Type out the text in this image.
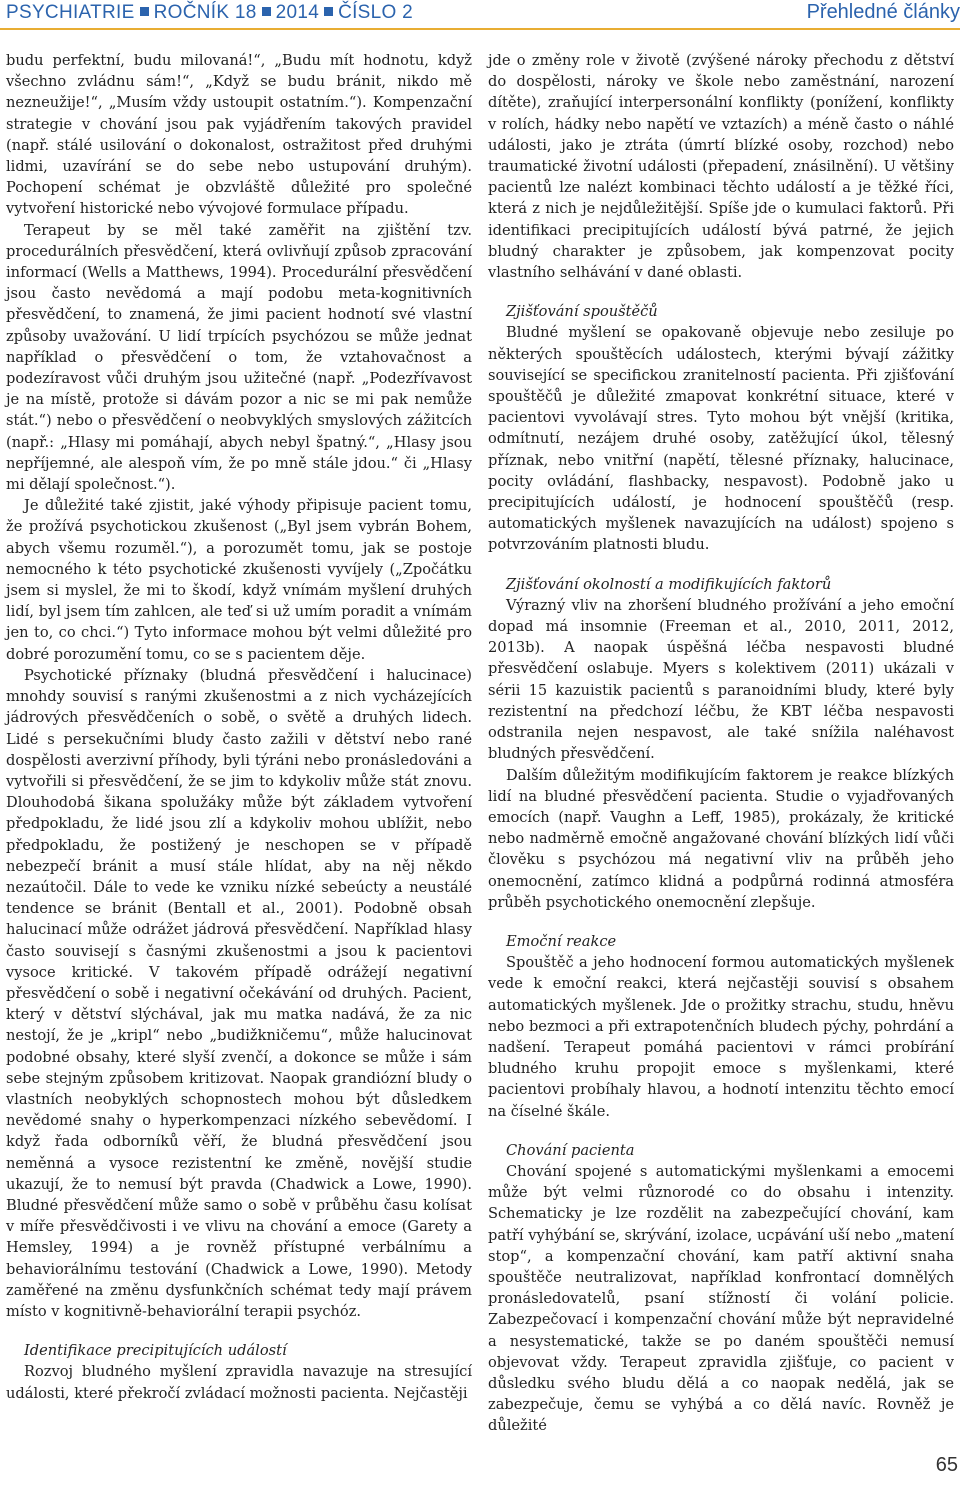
PSYCHIATRIE ROČNÍK 18 2014 ČÍSLO 2	Přehledné články

budu perfektní, budu milovaná!“, „Budu mít hodnotu, když všechno zvládnu sám!“, „Když se budu bránit, nikdo mě nezneužije!“, „Musím vždy ustoupit ostatním.“). Kompenzační strategie v chování jsou pak vyjádřením takových pravidel (např. stálé usilování o dokonalost, ostražitost před druhými lidmi, uzavírání se do sebe nebo ustupování druhým). Pochopení schémat je obzvláště důležité pro společné vytvoření historické nebo vývojové formulace případu.

Terapeut by se měl také zaměřit na zjištění tzv. procedurálních přesvědčení, která ovlivňují způsob zpracování informací (Wells a Matthews, 1994). Procedurální přesvědčení jsou často nevědomá a mají podobu meta-kognitivních přesvědčení, to znamená, že jimi pacient hodnotí své vlastní způsoby uvažování. U lidí trpících psychózou se může jednat například o přesvědčení o tom, že vztahovačnost a podezíravost vůči druhým jsou užitečné (např. „Podezřívavost je na místě, protože si dávám pozor a nic se mi pak nemůže stát.“) nebo o přesvědčení o neobvyklých smyslových zážitcích (např.: „Hlasy mi pomáhají, abych nebyl špatný.“, „Hlasy jsou nepříjemné, ale alespoň vím, že po mně stále jdou.“ či „Hlasy mi dělají společnost.“).

Je důležité také zjistit, jaké výhody připisuje pacient tomu, že prožívá psychotickou zkušenost („Byl jsem vybrán Bohem, abych všemu rozuměl.“), a porozumět tomu, jak se postoje nemocného k této psychotické zkušenosti vyvíjely („Zpočátku jsem si myslel, že mi to škodí, když vnímám myšlení druhých lidí, byl jsem tím zahlcen, ale teď si už umím poradit a vnímám jen to, co chci.“) Tyto informace mohou být velmi důležité pro dobré porozumění tomu, co se s pacientem děje.

Psychotické příznaky (bludná přesvědčení i halucinace) mnohdy souvisí s ranými zkušenostmi a z nich vycházejících jádrových přesvědčeních o sobě, o světě a druhých lidech. Lidé s persekučními bludy často zažili v dětství nebo rané dospělosti averzivní příhody, byli týráni nebo pronásledováni a vytvořili si přesvědčení, že se jim to kdykoliv může stát znovu. Dlouhodobá šikana spolužáky může být základem vytvoření předpokladu, že lidé jsou zlí a kdykoliv mohou ublížit, nebo předpokladu, že postižený je neschopen se v případě nebezpečí bránit a musí stále hlídat, aby na něj někdo nezaútočil. Dále to vede ke vzniku nízké sebeúcty a neustálé tendence se bránit (Bentall et al., 2001). Podobně obsah halucinací může odrážet jádrová přesvědčení. Například hlasy často souvisejí s časnými zkušenostmi a jsou k pacientovi vysoce kritické. V takovém případě odrážejí negativní přesvědčení o sobě i negativní očekávání od druhých. Pacient, který v dětství slýchával, jak mu matka nadává, že za nic nestojí, že je „kripl“ nebo „budižkničemu“, může halucinovat podobné obsahy, které slyší zvenčí, a dokonce se může i sám sebe stejným způsobem kritizovat. Naopak grandiózní bludy o vlastních neobyklých schopnostech mohou být důsledkem nevědomé snahy o hyperkompenzaci nízkého sebevědomí. I když řada odborníků věří, že bludná přesvědčení jsou neměnná a vysoce rezistentní ke změně, novější studie ukazují, že to nemusí být pravda (Chadwick a Lowe, 1990). Bludné přesvědčení může samo o sobě v průběhu času kolísat v míře přesvědčivosti i ve vlivu na chování a emoce (Garety a Hemsley, 1994) a je rovněž přístupné verbálnímu a behaviorálnímu testování (Chadwick a Lowe, 1990). Metody zaměřené na změnu dysfunkčních schémat tedy mají právem místo v kognitivně-behaviorální terapii psychóz.

Identifikace precipitujících událostí

Rozvoj bludného myšlení zpravidla navazuje na stresující události, které překročí zvládací možnosti pacienta. Nejčastěji

jde o změny role v životě (zvýšené nároky přechodu z dětství do dospělosti, nároky ve škole nebo zaměstnání, narození dítěte), zraňující interpersonální konflikty (ponížení, konflikty v rolích, hádky nebo napětí ve vztazích) a méně často o náhlé události, jako je ztráta (úmrtí blízké osoby, rozchod) nebo traumatické životní události (přepadení, znásilnění). U většiny pacientů lze nalézt kombinaci těchto událostí a je těžké říci, která z nich je nejdůležitější. Spíše jde o kumulaci faktorů. Při identifikaci precipitujících událostí bývá patrné, že jejich bludný charakter je způsobem, jak kompenzovat pocity vlastního selhávání v dané oblasti.

Zjišťování spouštěčů

Bludné myšlení se opakovaně objevuje nebo zesiluje po některých spouštěcích událostech, kterými bývají zážitky související se specifickou zranitelností pacienta. Při zjišťování spouštěčů je důležité zmapovat konkrétní situace, které v pacientovi vyvolávají stres. Tyto mohou být vnější (kritika, odmítnutí, nezájem druhé osoby, zatěžující úkol, tělesný příznak, nebo vnitřní (napětí, tělesné příznaky, halucinace, pocity ovládání, flashbacky, nespavost). Podobně jako u precipitujících událostí, je hodnocení spouštěčů (resp. automatických myšlenek navazujících na událost) spojeno s potvrzováním platnosti bludu.

Zjišťování okolností a modifikujících faktorů

Výrazný vliv na zhoršení bludného prožívání a jeho emoční dopad má insomnie (Freeman et al., 2010, 2011, 2012, 2013b). A naopak úspěšná léčba nespavosti bludné přesvědčení oslabuje. Myers s kolektivem (2011) ukázali v sérii 15 kazuistik pacientů s paranoidními bludy, které byly rezistentní na předchozí léčbu, že KBT léčba nespavosti odstranila nejen nespavost, ale také snížila naléhavost bludných přesvědčení.

Dalším důležitým modifikujícím faktorem je reakce blízkých lidí na bludné přesvědčení pacienta. Studie o vyjadřovaných emocích (např. Vaughn a Leff, 1985), prokázaly, že kritické nebo nadměrně emočně angažované chování blízkých lidí vůči člověku s psychózou má negativní vliv na průběh jeho onemocnění, zatímco klidná a podpůrná rodinná atmosféra průběh psychotického onemocnění zlepšuje.

Emoční reakce

Spouštěč a jeho hodnocení formou automatických myšlenek vede k emoční reakci, která nejčastěji souvisí s obsahem automatických myšlenek. Jde o prožitky strachu, studu, hněvu nebo bezmoci a při extrapotenčních bludech pýchy, pohrdání a nadšení. Terapeut pomáhá pacientovi v rámci probírání bludného kruhu propojit emoce s myšlenkami, které pacientovi probíhaly hlavou, a hodnotí intenzitu těchto emocí na číselné škále.

Chování pacienta

Chování spojené s automatickými myšlenkami a emocemi může být velmi různorodé co do obsahu i intenzity. Schematicky je lze rozdělit na zabezpečující chování, kam patří vyhýbání se, skrývání, izolace, ucpávání uší nebo „matení stop“, a kompenzační chování, kam patří aktivní snaha spouštěče neutralizovat, například konfrontací domnělých pronásledovatelů, psaní stížností či volání policie. Zabezpečovací i kompenzační chování může být nepravidelné a nesystematické, takže se po daném spouštěči nemusí objevovat vždy. Terapeut zpravidla zjišťuje, co pacient v důsledku svého bludu dělá a co naopak nedělá, jak se zabezpečuje, čemu se vyhýbá a co dělá navíc. Rovněž je důležité

65
